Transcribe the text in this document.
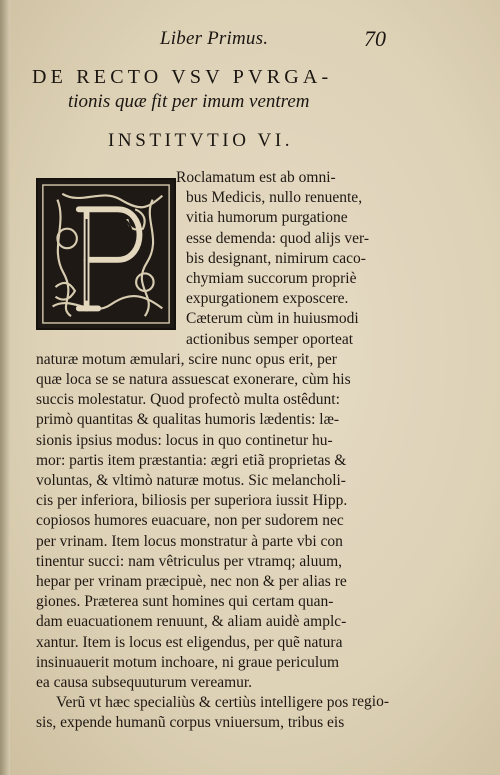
Liber Primus.	70
DE RECTO VSV PVRGA-
tionis quæ fit per imum ventrem
INSTITVTIO VI.
Roclamatum est ab omni-
bus Medicis, nullo renuente,
vitia humorum purgatione
esse demenda: quod alijs ver-
bis designant, nimirum caco-
chymiam succorum propriè
expurgationem exposcere.
Cæterum cùm in huiusmodi
actionibus semper oporteat
naturæ motum æmulari, scire nunc opus erit, per
quæ loca se se natura assuescat exonerare, cùm his
succis molestatur. Quod profectò multa ostêdunt:
primò quantitas & qualitas humoris lædentis: læ-
sionis ipsius modus: locus in quo continetur hu-
mor: partis item præstantia: ægri etiã proprietas &
voluntas, & vltimò naturæ motus. Sic melancholi-
cis per inferiora, biliosis per superiora iussit Hipp.
copiosos humores euacuare, non per sudorem nec
per vrinam. Item locus monstratur à parte vbi con
tinentur succi: nam vêtriculus per vtramq; aluum,
hepar per vrinam præcipuè, nec non & per alias re
giones. Præterea sunt homines qui certam quan-
dam euacuationem renuunt, & aliam auidè amplc-
xantur. Item is locus est eligendus, per quẽ natura
insinuauerit motum inchoare, ni graue periculum
ea causa subsequuturum vereamur.
Verũ vt hæc specialiùs & certiùs intelligere pos
sis, expende humanũ corpus vniuersum, tribus eis
regio-
